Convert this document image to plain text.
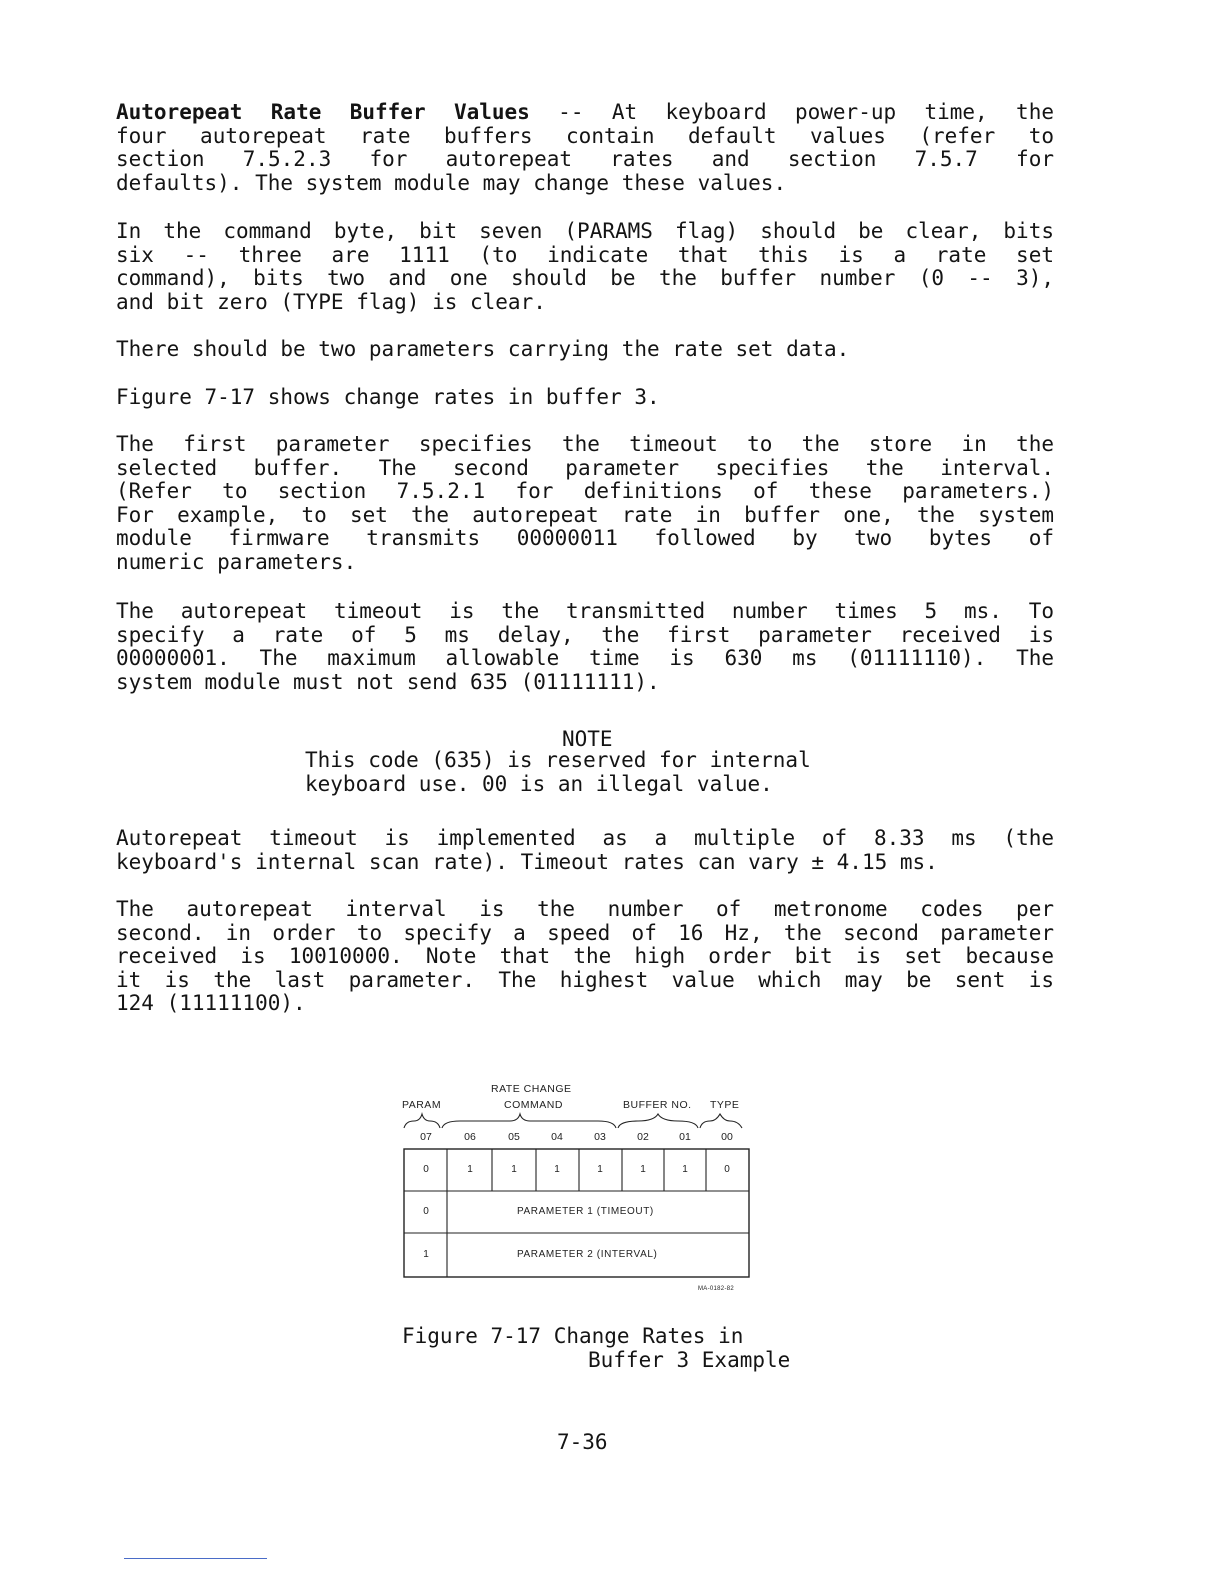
Autorepeat Rate Buffer Values -- At keyboard power-up time, the
four autorepeat rate buffers contain default values (refer to
section 7.5.2.3 for autorepeat rates and section 7.5.7 for
defaults). The system module may change these values.
In the command byte, bit seven (PARAMS flag) should be clear, bits
six -- three are 1111 (to indicate that this is a rate set
command), bits two and one should be the buffer number (0 -- 3),
and bit zero (TYPE flag) is clear.
There should be two parameters carrying the rate set data.
Figure 7-17 shows change rates in buffer 3.
The first parameter specifies the timeout to the store in the
selected buffer. The second parameter specifies the interval.
(Refer to section 7.5.2.1 for definitions of these parameters.)
For example, to set the autorepeat rate in buffer one, the system
module firmware transmits 00000011 followed by two bytes of
numeric parameters.
The autorepeat timeout is the transmitted number times 5 ms. To
specify a rate of 5 ms delay, the first parameter received is
00000001. The maximum allowable time is 630 ms (01111110). The
system module must not send 635 (01111111).
NOTE
This code (635) is reserved for internal
keyboard use. 00 is an illegal value.
Autorepeat timeout is implemented as a multiple of 8.33 ms (the
keyboard's internal scan rate). Timeout rates can vary ± 4.15 ms.
The autorepeat interval is the number of metronome codes per
second. in order to specify a speed of 16 Hz, the second parameter
received is 10010000. Note that the high order bit is set because
it is the last parameter. The highest value which may be sent is
124 (11111100).
RATE CHANGE
COMMAND
PARAM	BUFFER NO. TYPE
07	06	05	04	03	02	01	00
0	1	1	1	1	1	1	0
0	PARAMETER 1 (TIMEOUT)
1	PARAMETER 2 (INTERVAL)
MA-0182-82
Figure 7-17 Change Rates in
Buffer 3 Example
7-36
